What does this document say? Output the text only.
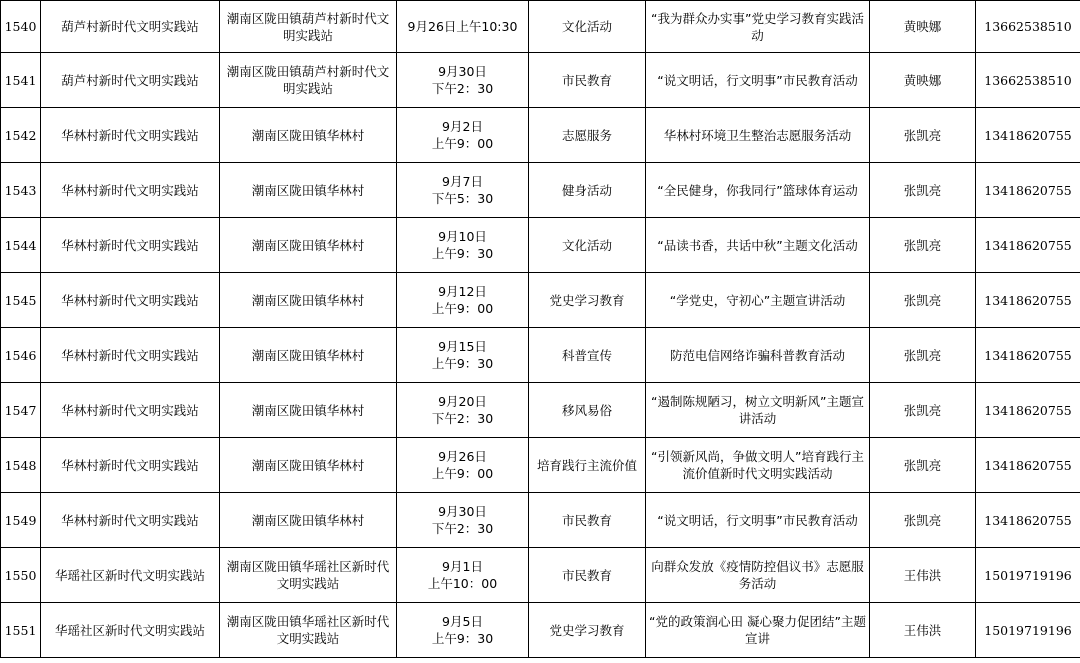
1540	葫芦村新时代文明实践站	潮南区陇田镇葫芦村新时代文明实践站	9月26日上午10:30	文化活动	“我为群众办实事”党史学习教育实践活动	黄映娜	13662538510
1541	葫芦村新时代文明实践站	潮南区陇田镇葫芦村新时代文明实践站	9月30日
下午2：30	市民教育	“说文明话，行文明事”市民教育活动	黄映娜	13662538510
1542	华林村新时代文明实践站	潮南区陇田镇华林村	9月2日
上午9：00	志愿服务	华林村环境卫生整治志愿服务活动	张凯亮	13418620755
1543	华林村新时代文明实践站	潮南区陇田镇华林村	9月7日
下午5：30	健身活动	“全民健身，你我同行”篮球体育运动	张凯亮	13418620755
1544	华林村新时代文明实践站	潮南区陇田镇华林村	9月10日
上午9：30	文化活动	“品读书香，共话中秋”主题文化活动	张凯亮	13418620755
1545	华林村新时代文明实践站	潮南区陇田镇华林村	9月12日
上午9：00	党史学习教育	“学党史，守初心”主题宣讲活动	张凯亮	13418620755
1546	华林村新时代文明实践站	潮南区陇田镇华林村	9月15日
上午9：30	科普宣传	防范电信网络诈骗科普教育活动	张凯亮	13418620755
1547	华林村新时代文明实践站	潮南区陇田镇华林村	9月20日
下午2：30	移风易俗	“遏制陈规陋习，树立文明新风”主题宣讲活动	张凯亮	13418620755
1548	华林村新时代文明实践站	潮南区陇田镇华林村	9月26日
上午9：00	培育践行主流价值	“引领新风尚，争做文明人”培育践行主流价值新时代文明实践活动	张凯亮	13418620755
1549	华林村新时代文明实践站	潮南区陇田镇华林村	9月30日
下午2：30	市民教育	“说文明话，行文明事”市民教育活动	张凯亮	13418620755
1550	华瑶社区新时代文明实践站	潮南区陇田镇华瑶社区新时代文明实践站	9月1日
上午10：00	市民教育	向群众发放《疫情防控倡议书》志愿服务活动	王伟洪	15019719196
1551	华瑶社区新时代文明实践站	潮南区陇田镇华瑶社区新时代文明实践站	9月5日
上午9：30	党史学习教育	“党的政策润心田 凝心聚力促团结”主题宣讲	王伟洪	15019719196
